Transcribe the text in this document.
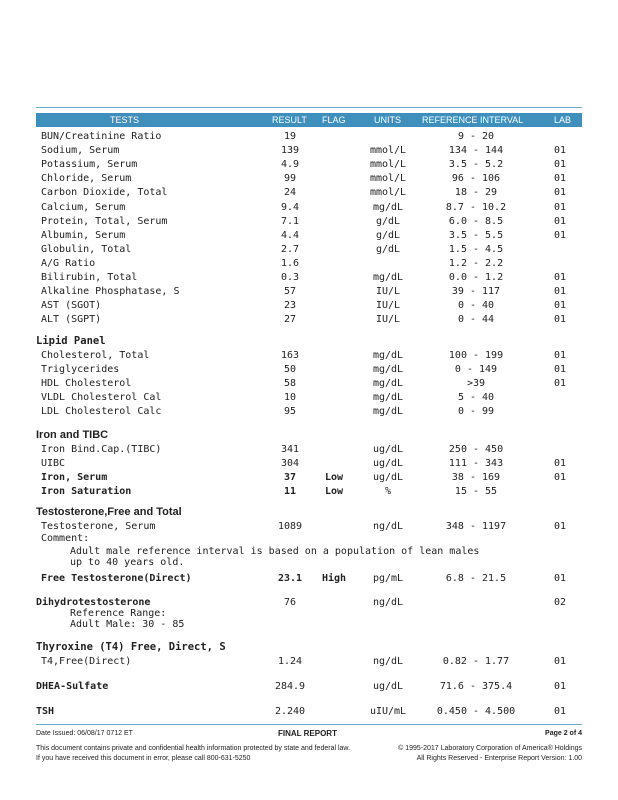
TESTS	RESULT FLAG	UNITS REFERENCE INTERVAL	LAB
BUN/Creatinine Ratio	19	9 - 20
Sodium, Serum	139	mmol/L	134 - 144	01
Potassium, Serum	4.9	mmol/L	3.5 - 5.2	01
Chloride, Serum	99	mmol/L	96 - 106	01
Carbon Dioxide, Total	24	mmol/L	18 - 29	01
Calcium, Serum	9.4	mg/dL	8.7 - 10.2	01
Protein, Total, Serum	7.1	g/dL	6.0 - 8.5	01
Albumin, Serum	4.4	g/dL	3.5 - 5.5	01
Globulin, Total	2.7	g/dL	1.5 - 4.5
A/G Ratio	1.6	1.2 - 2.2
Bilirubin, Total	0.3	mg/dL	0.0 - 1.2	01
Alkaline Phosphatase, S	57	IU/L	39 - 117	01
AST (SGOT)	23	IU/L	0 - 40	01
ALT (SGPT)	27	IU/L	0 - 44	01
Lipid Panel
Cholesterol, Total	163	mg/dL	100 - 199	01
Triglycerides	50	mg/dL	0 - 149	01
HDL Cholesterol	58	mg/dL	>39	01
VLDL Cholesterol Cal	10	mg/dL	5 - 40
LDL Cholesterol Calc	95	mg/dL	0 - 99
Iron and TIBC
Iron Bind.Cap.(TIBC)	341	ug/dL	250 - 450
UIBC	304	ug/dL	111 - 343	01
Iron, Serum	37	Low	ug/dL	38 - 169	01
Iron Saturation	11	Low	%	15 - 55
Testosterone,Free and Total
Testosterone, Serum	1089	ng/dL	348 - 1197	01
Comment:
Adult male reference interval is based on a population of lean males
up to 40 years old.
Free Testosterone(Direct)	23.1	High	pg/mL	6.8 - 21.5	01
Dihydrotestosterone	76	ng/dL	02
Reference Range:
Adult Male: 30 - 85
Thyroxine (T4) Free, Direct, S
T4,Free(Direct)	1.24	ng/dL	0.82 - 1.77	01
DHEA-Sulfate	284.9	ug/dL	71.6 - 375.4	01
TSH	2.240	uIU/mL	0.450 - 4.500	01
Date Issued: 06/08/17 0712 ET	FINAL REPORT	Page 2 of 4
This document contains private and confidential health information protected by state and federal law.
If you have received this document in error, please call 800-631-5250
© 1995-2017 Laboratory Corporation of America® Holdings
All Rights Reserved - Enterprise Report Version: 1.00
